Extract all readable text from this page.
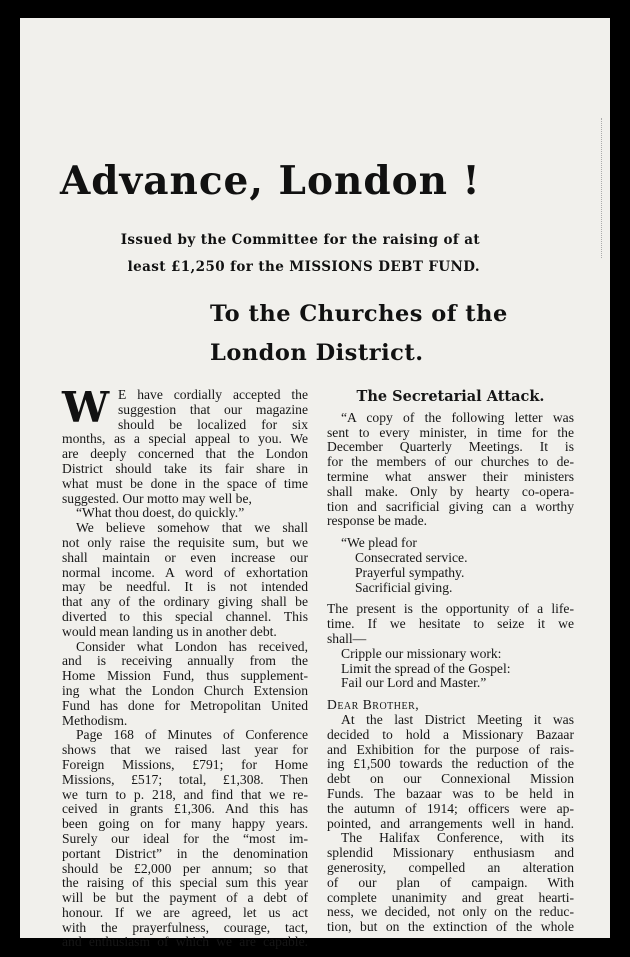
Advance, London !

Issued by the Committee for the raising of at

least £1,250 for the MISSIONS DEBT FUND.

To the Churches of the
London District.
W E have cordially accepted the
suggestion that our magazine
should be localized for six
months, as a special appeal to you. We
are deeply concerned that the London
District should take its fair share in
what must be done in the space of time
suggested. Our motto may well be,
“What thou doest, do quickly.”
We believe somehow that we shall
not only raise the requisite sum, but we
shall maintain or even increase our
normal income. A word of exhortation
may be needful. It is not intended
that any of the ordinary giving shall be
diverted to this special channel. This
would mean landing us in another debt.
Consider what London has received,
and is receiving annually from the
Home Mission Fund, thus supplement-
ing what the London Church Extension
Fund has done for Metropolitan United
Methodism.
Page 168 of Minutes of Conference
shows that we raised last year for
Foreign Missions, £791; for Home
Missions, £517; total, £1,308. Then
we turn to p. 218, and find that we re-
ceived in grants £1,306. And this has
been going on for many happy years.
Surely our ideal for the “most im-
portant District” in the denomination
should be £2,000 per annum; so that
the raising of this special sum this year
will be but the payment of a debt of
honour. If we are agreed, let us act
with the prayerfulness, courage, tact,
and enthusiasm of which we are capable.
The Secretarial Attack.
“A copy of the following letter was
sent to every minister, in time for the
December Quarterly Meetings. It is
for the members of our churches to de-
termine what answer their ministers
shall make. Only by hearty co-opera-
tion and sacrificial giving can a worthy
response be made.
“We plead for
Consecrated service.
Prayerful sympathy.
Sacrificial giving.
The present is the opportunity of a life-
time. If we hesitate to seize it we
shall—
Cripple our missionary work:
Limit the spread of the Gospel:
Fail our Lord and Master.”
Dear Brother,
At the last District Meeting it was
decided to hold a Missionary Bazaar
and Exhibition for the purpose of rais-
ing £1,500 towards the reduction of the
debt on our Connexional Mission
Funds. The bazaar was to be held in
the autumn of 1914; officers were ap-
pointed, and arrangements well in hand.
The Halifax Conference, with its
splendid Missionary enthusiasm and
generosity, compelled an alteration
of our plan of campaign. With
complete unanimity and great hearti-
ness, we decided, not only on the reduc-
tion, but on the extinction of the whole
